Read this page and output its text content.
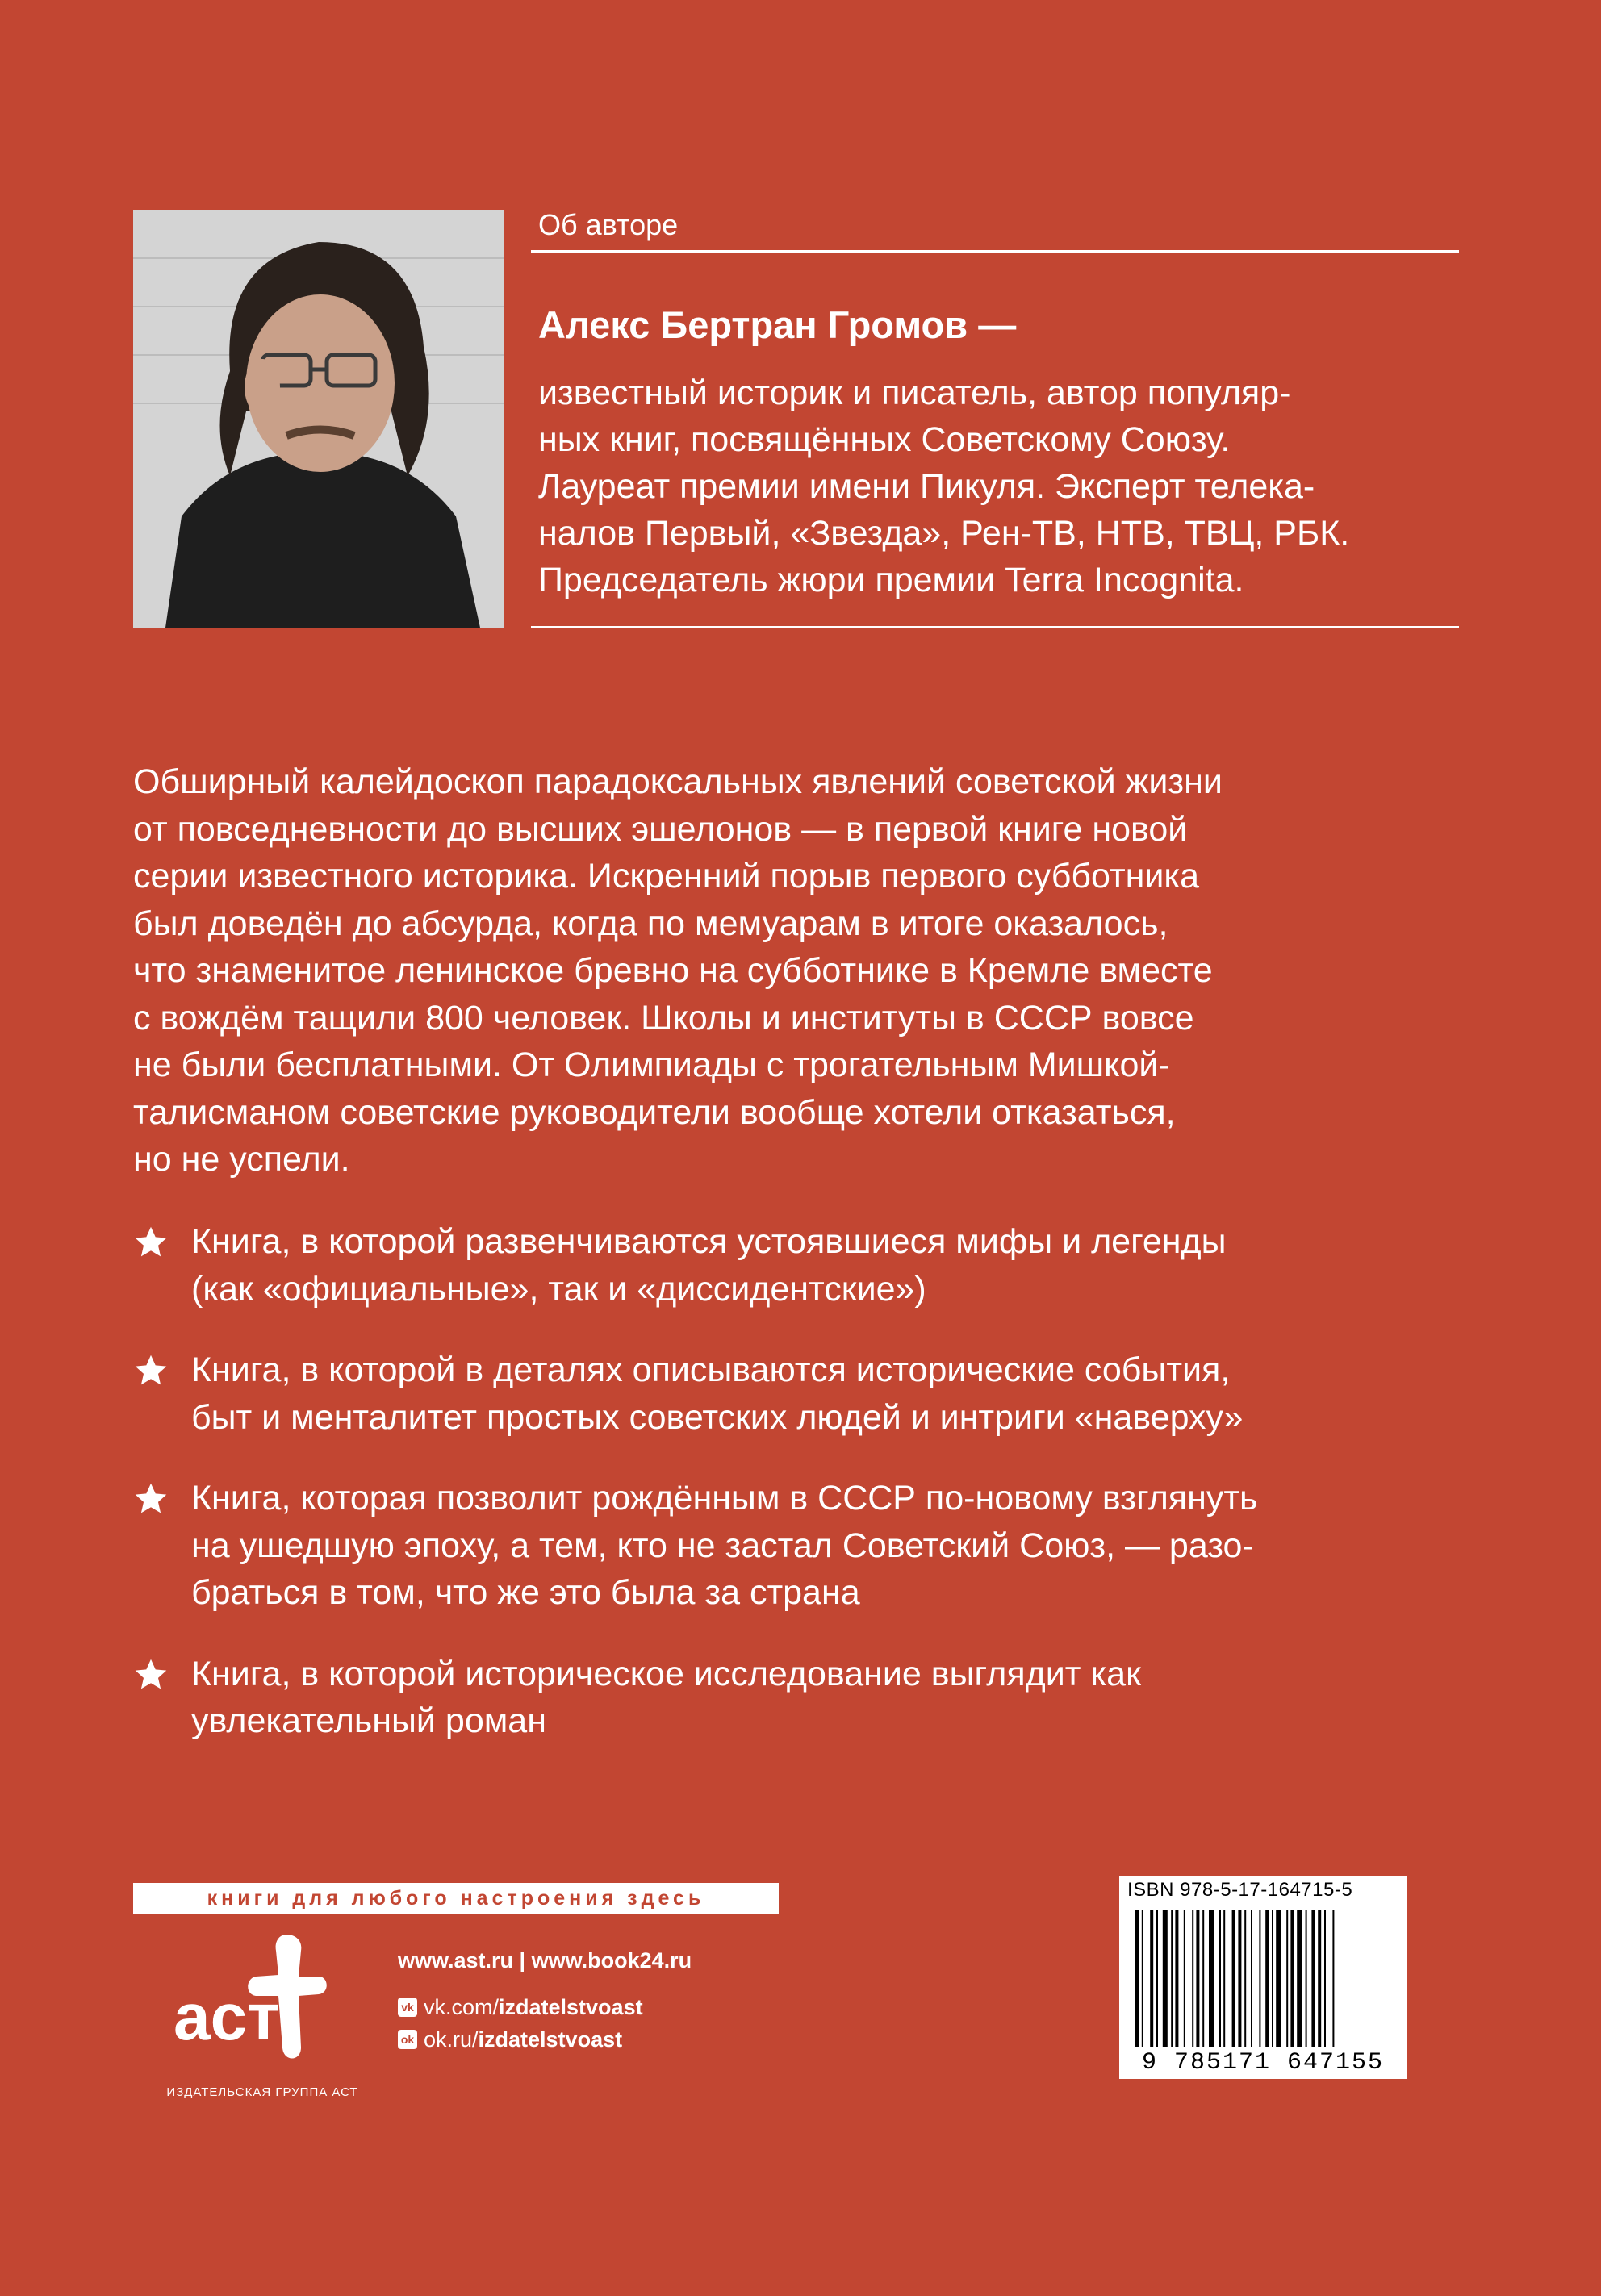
Об авторе
Алекс Бертран Громов —
известный историк и писатель, автор популяр-
ных книг, посвящённых Советскому Союзу.
Лауреат премии имени Пикуля. Эксперт телека-
налов Первый, «Звезда», Рен-ТВ, НТВ, ТВЦ, РБК.
Председатель жюри премии Terra Incognita.
Обширный калейдоскоп парадоксальных явлений советской жизни
от повседневности до высших эшелонов — в первой книге новой
серии известного историка. Искренний порыв первого субботника
был доведён до абсурда, когда по мемуарам в итоге оказалось,
что знаменитое ленинское бревно на субботнике в Кремле вместе
с вождём тащили 800 человек. Школы и институты в СССР вовсе
не были бесплатными. От Олимпиады с трогательным Мишкой-
талисманом советские руководители вообще хотели отказаться,
но не успели.
Книга, в которой развенчиваются устоявшиеся мифы и легенды
(как «официальные», так и «диссидентские»)
Книга, в которой в деталях описываются исторические события,
быт и менталитет простых советских людей и интриги «наверху»
Книга, которая позволит рождённым в СССР по-новому взглянуть
на ушедшую эпоху, а тем, кто не застал Советский Союз, — разо-
браться в том, что же это была за страна
Книга, в которой историческое исследование выглядит как
увлекательный роман
книги для любого настроения здесь
аст
ИЗДАТЕЛЬСКАЯ ГРУППА АСТ
www.ast.ru | www.book24.ru
vk vk.com/ izdatelstvoast
ok ok.ru/ izdatelstvoast
ISBN 978-5-17-164715-5
9 785171 647155
